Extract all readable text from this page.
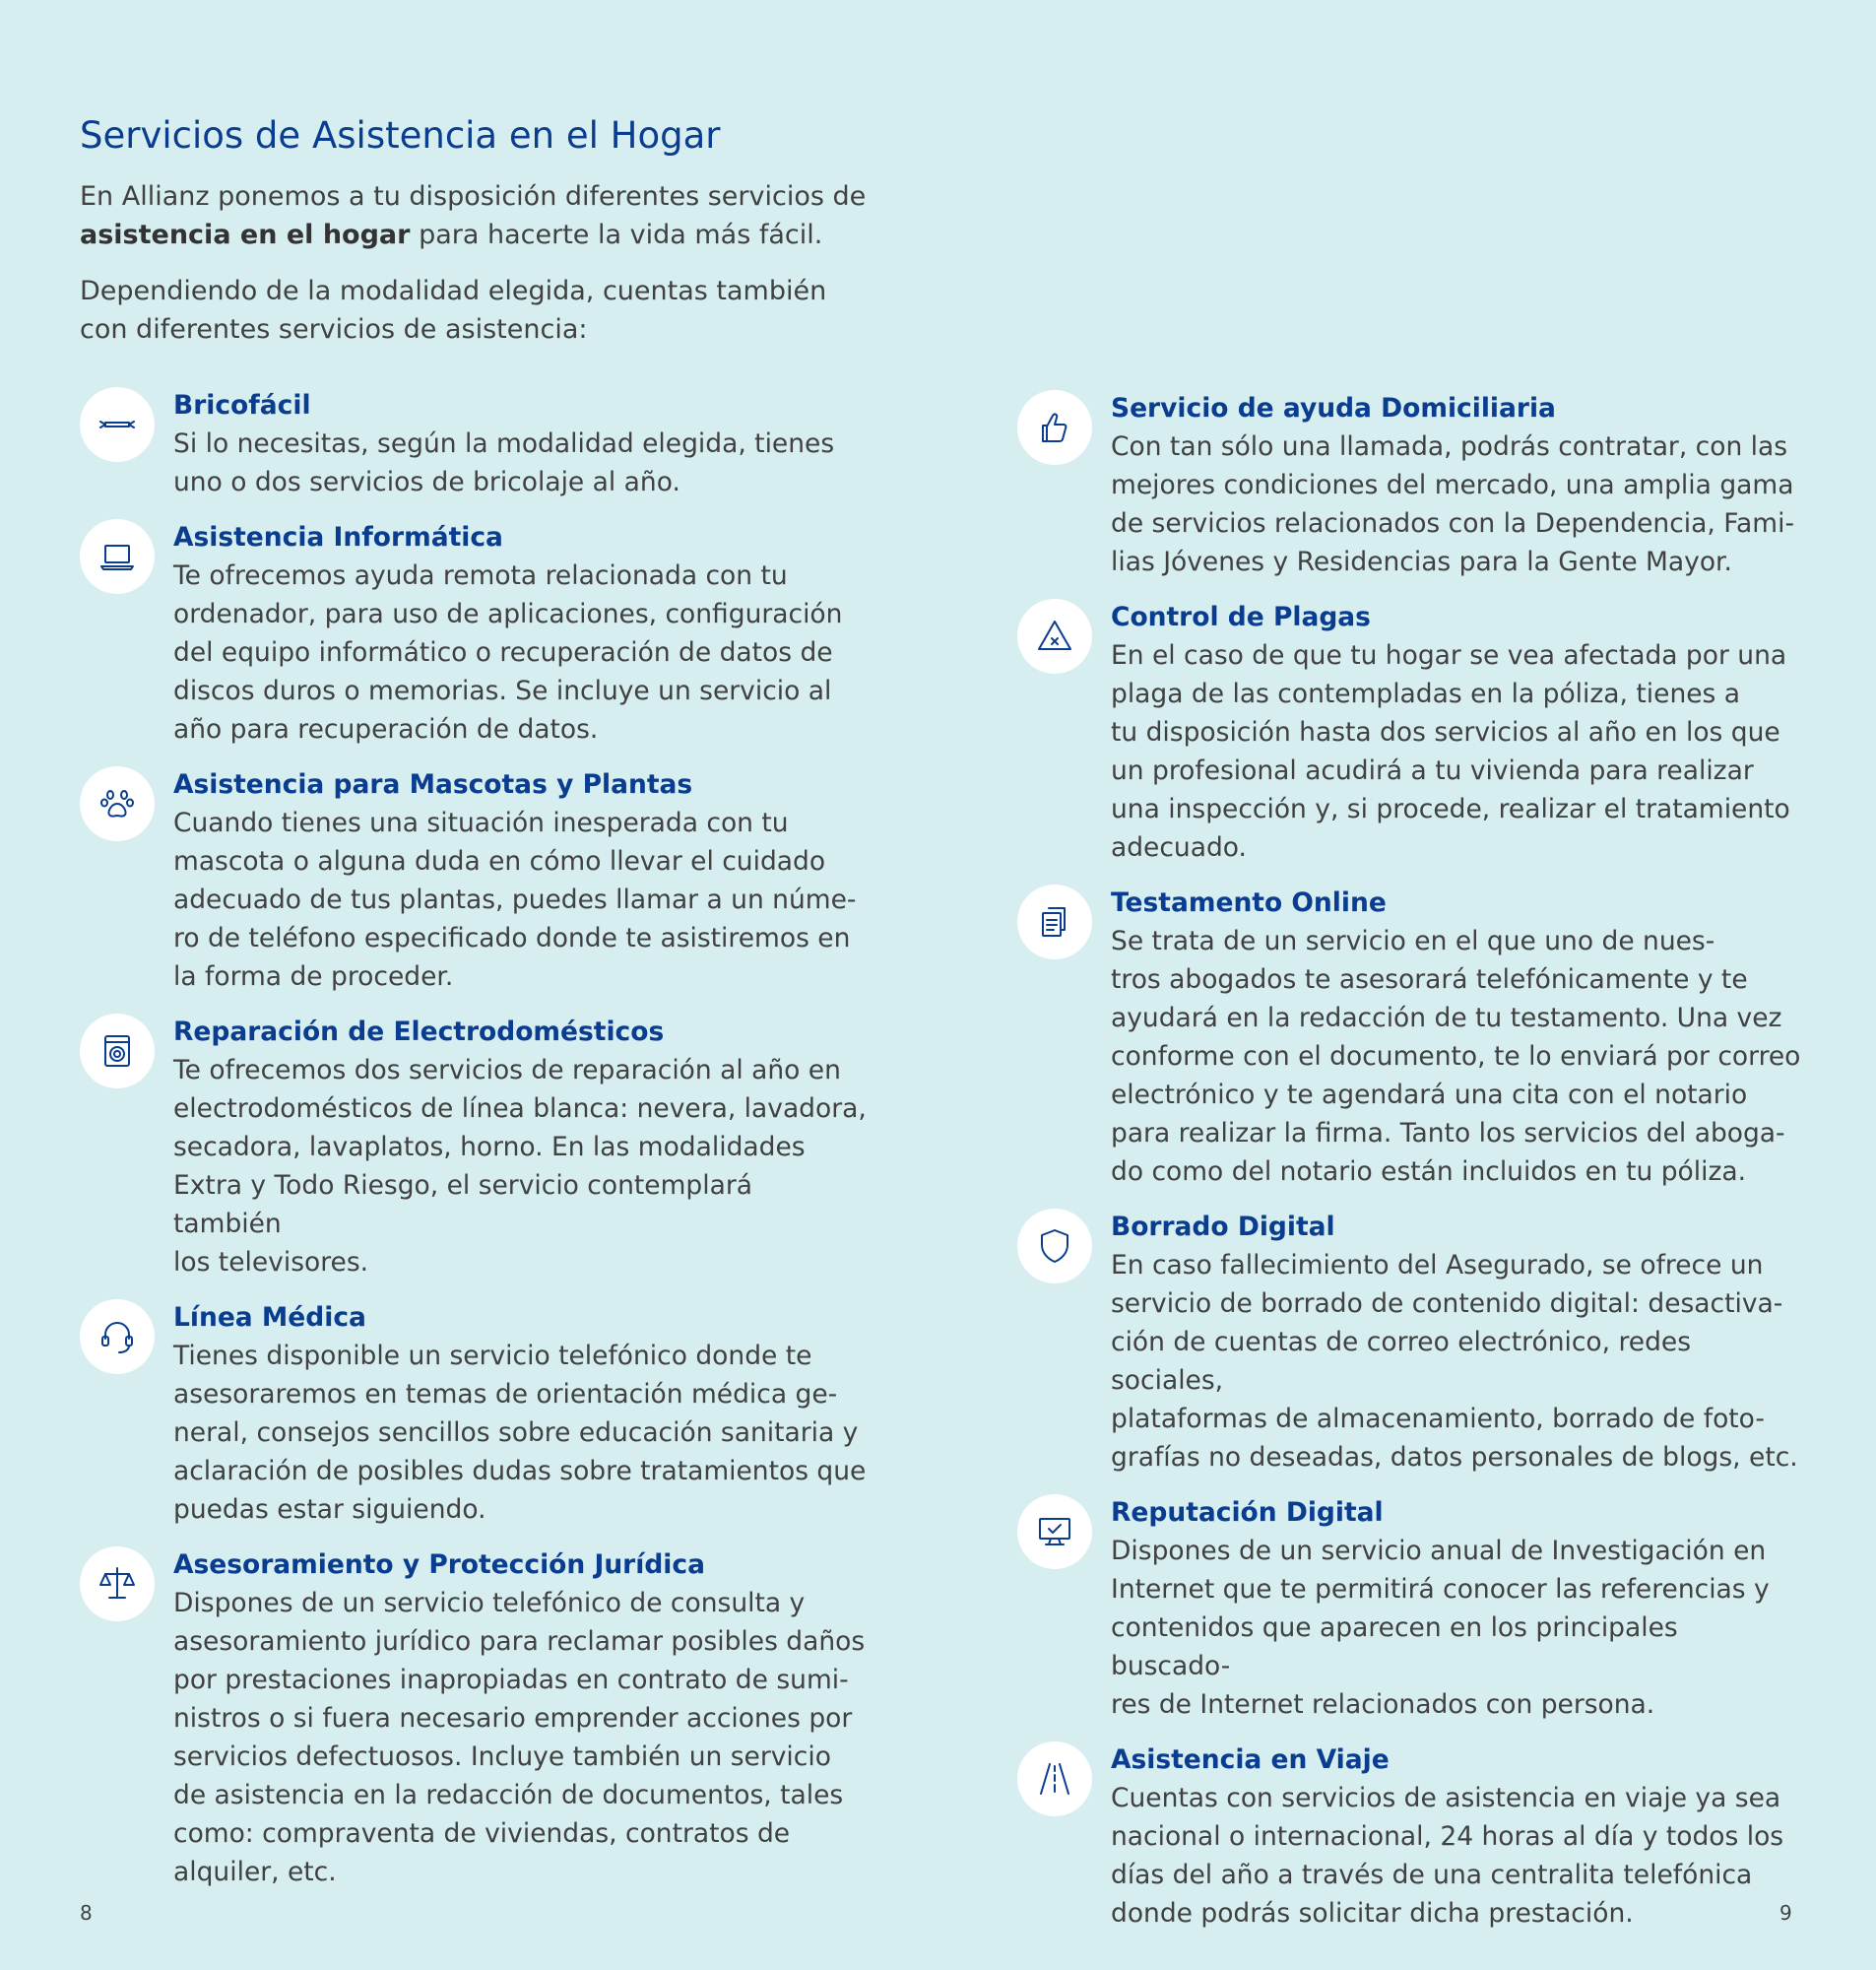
Servicios de Asistencia en el Hogar

En Allianz ponemos a tu disposición diferentes servicios de
asistencia en el hogar para hacerte la vida más fácil.

Dependiendo de la modalidad elegida, cuentas también
con diferentes servicios de asistencia:

Bricofácil

Si lo necesitas, según la modalidad elegida, tienes
uno o dos servicios de bricolaje al año.

Asistencia Informática

Te ofrecemos ayuda remota relacionada con tu
ordenador, para uso de aplicaciones, configuración
del equipo informático o recuperación de datos de
discos duros o memorias. Se incluye un servicio al
año para recuperación de datos.

Asistencia para Mascotas y Plantas

Cuando tienes una situación inesperada con tu
mascota o alguna duda en cómo llevar el cuidado
adecuado de tus plantas, puedes llamar a un núme-
ro de teléfono especificado donde te asistiremos en
la forma de proceder.

Reparación de Electrodomésticos

Te ofrecemos dos servicios de reparación al año en
electrodomésticos de línea blanca: nevera, lavadora,
secadora, lavaplatos, horno. En las modalidades
Extra y Todo Riesgo, el servicio contemplará también
los televisores.

Línea Médica

Tienes disponible un servicio telefónico donde te
asesoraremos en temas de orientación médica ge-
neral, consejos sencillos sobre educación sanitaria y
aclaración de posibles dudas sobre tratamientos que
puedas estar siguiendo.

Asesoramiento y Protección Jurídica

Dispones de un servicio telefónico de consulta y
asesoramiento jurídico para reclamar posibles daños
por prestaciones inapropiadas en contrato de sumi-
nistros o si fuera necesario emprender acciones por
servicios defectuosos. Incluye también un servicio
de asistencia en la redacción de documentos, tales
como: compraventa de viviendas, contratos de
alquiler, etc.

Servicio de ayuda Domiciliaria

Con tan sólo una llamada, podrás contratar, con las
mejores condiciones del mercado, una amplia gama
de servicios relacionados con la Dependencia, Fami-
lias Jóvenes y Residencias para la Gente Mayor.

Control de Plagas

En el caso de que tu hogar se vea afectada por una
plaga de las contempladas en la póliza, tienes a
tu disposición hasta dos servicios al año en los que
un profesional acudirá a tu vivienda para realizar
una inspección y, si procede, realizar el tratamiento
adecuado.

Testamento Online

Se trata de un servicio en el que uno de nues-
tros abogados te asesorará telefónicamente y te
ayudará en la redacción de tu testamento. Una vez
conforme con el documento, te lo enviará por correo
electrónico y te agendará una cita con el notario
para realizar la firma. Tanto los servicios del aboga-
do como del notario están incluidos en tu póliza.

Borrado Digital

En caso fallecimiento del Asegurado, se ofrece un
servicio de borrado de contenido digital: desactiva-
ción de cuentas de correo electrónico, redes sociales,
plataformas de almacenamiento, borrado de foto-
grafías no deseadas, datos personales de blogs, etc.

Reputación Digital

Dispones de un servicio anual de Investigación en
Internet que te permitirá conocer las referencias y
contenidos que aparecen en los principales buscado-
res de Internet relacionados con persona.

Asistencia en Viaje

Cuentas con servicios de asistencia en viaje ya sea
nacional o internacional, 24 horas al día y todos los
días del año a través de una centralita telefónica
donde podrás solicitar dicha prestación.

8	9
